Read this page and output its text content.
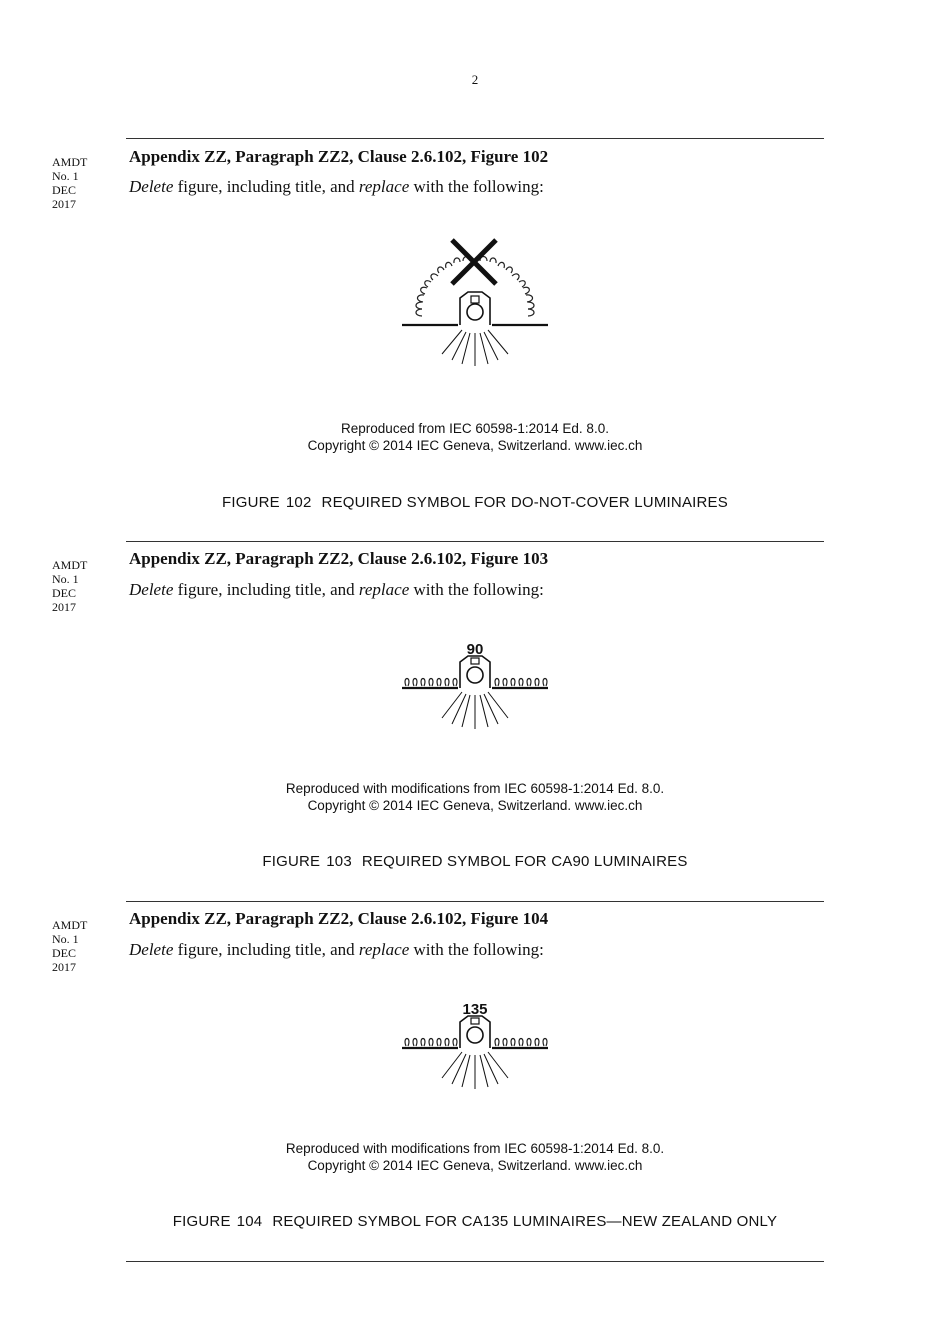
2
AMDT
No. 1
DEC
2017
Appendix ZZ, Paragraph ZZ2, Clause 2.6.102, Figure 102
Delete figure, including title, and replace with the following:
Reproduced from IEC 60598-1:2014 Ed. 8.0.
Copyright © 2014 IEC Geneva, Switzerland. www.iec.ch
FIGURE 102 REQUIRED SYMBOL FOR DO-NOT-COVER LUMINAIRES
AMDT
No. 1
DEC
2017
Appendix ZZ, Paragraph ZZ2, Clause 2.6.102, Figure 103
Delete figure, including title, and replace with the following:
90
Reproduced with modifications from IEC 60598-1:2014 Ed. 8.0.
Copyright © 2014 IEC Geneva, Switzerland. www.iec.ch
FIGURE 103 REQUIRED SYMBOL FOR CA90 LUMINAIRES
AMDT
No. 1
DEC
2017
Appendix ZZ, Paragraph ZZ2, Clause 2.6.102, Figure 104
Delete figure, including title, and replace with the following:
135
Reproduced with modifications from IEC 60598-1:2014 Ed. 8.0.
Copyright © 2014 IEC Geneva, Switzerland. www.iec.ch
FIGURE 104 REQUIRED SYMBOL FOR CA135 LUMINAIRES—NEW ZEALAND ONLY
